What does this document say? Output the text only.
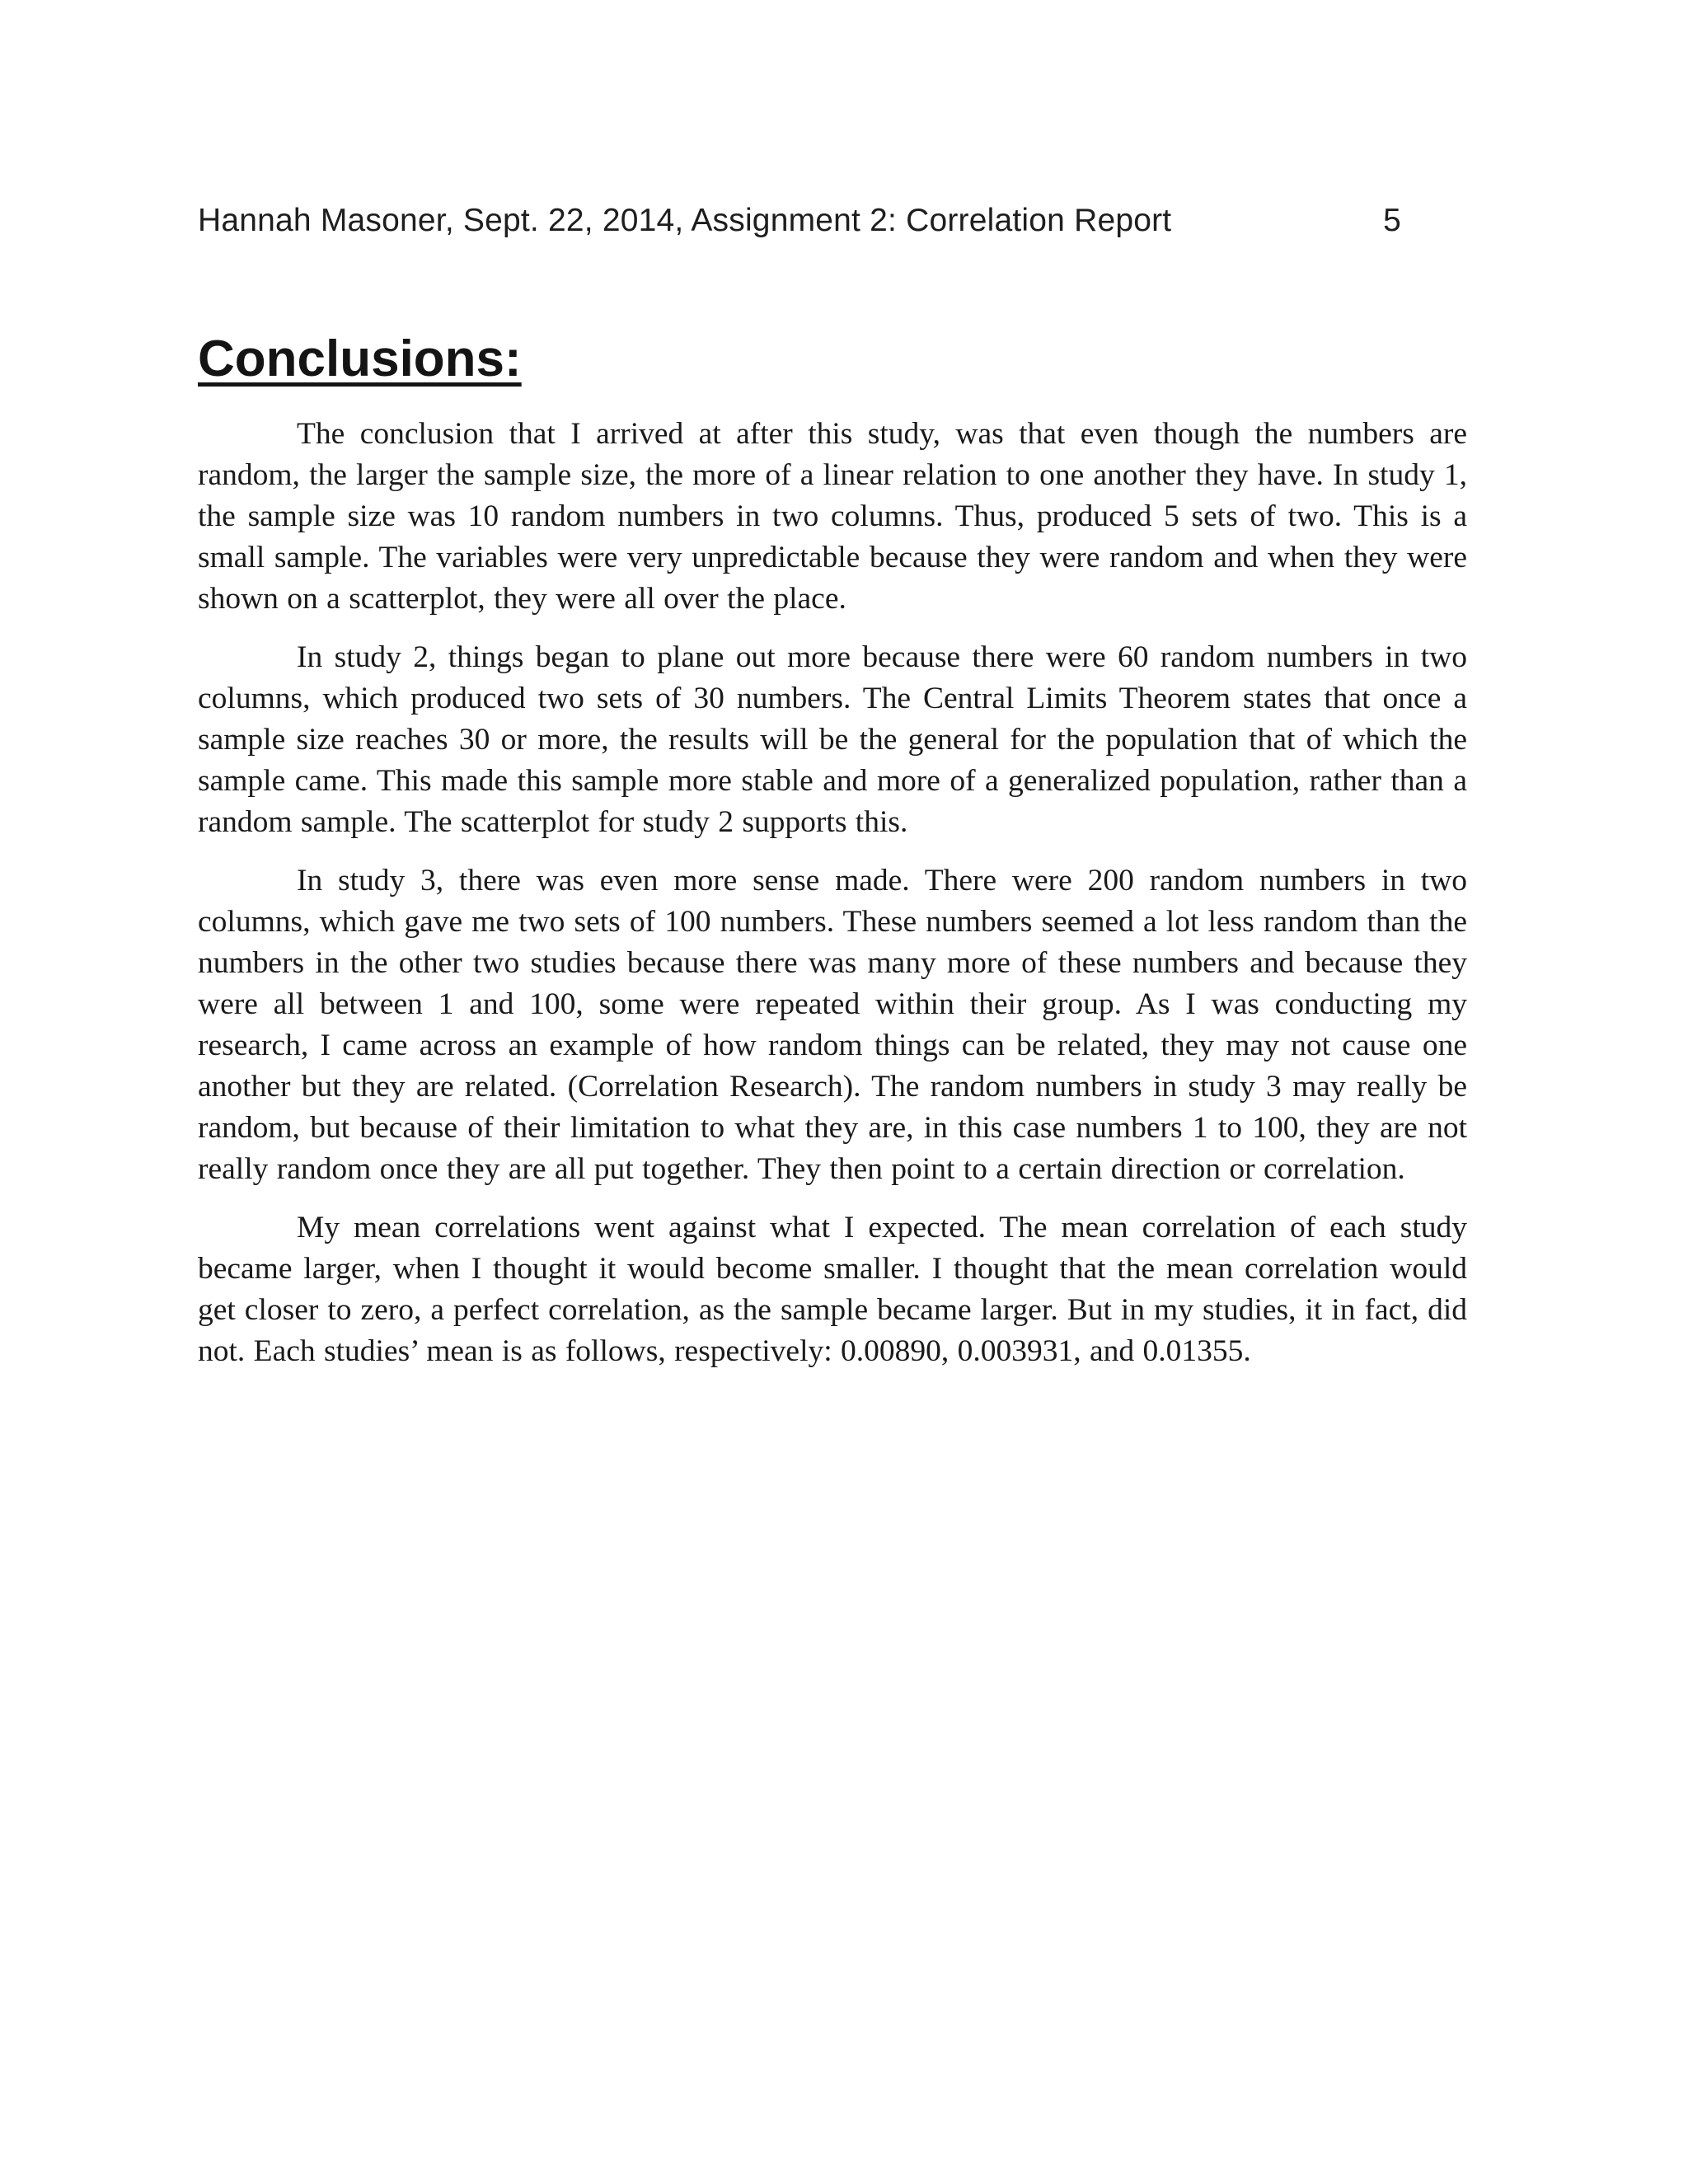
Hannah Masoner, Sept. 22, 2014, Assignment 2: Correlation Report	5
Conclusions:

The conclusion that I arrived at after this study, was that even though the numbers are random, the larger the sample size, the more of a linear relation to one another they have. In study 1, the sample size was 10 random numbers in two columns. Thus, produced 5 sets of two. This is a small sample. The variables were very unpredictable because they were random and when they were shown on a scatterplot, they were all over the place.

In study 2, things began to plane out more because there were 60 random numbers in two columns, which produced two sets of 30 numbers. The Central Limits Theorem states that once a sample size reaches 30 or more, the results will be the general for the population that of which the sample came. This made this sample more stable and more of a generalized population, rather than a random sample. The scatterplot for study 2 supports this.

In study 3, there was even more sense made. There were 200 random numbers in two columns, which gave me two sets of 100 numbers. These numbers seemed a lot less random than the numbers in the other two studies because there was many more of these numbers and because they were all between 1 and 100, some were repeated within their group. As I was conducting my research, I came across an example of how random things can be related, they may not cause one another but they are related. (Correlation Research). The random numbers in study 3 may really be random, but because of their limitation to what they are, in this case numbers 1 to 100, they are not really random once they are all put together. They then point to a certain direction or correlation.

My mean correlations went against what I expected. The mean correlation of each study became larger, when I thought it would become smaller. I thought that the mean correlation would get closer to zero, a perfect correlation, as the sample became larger. But in my studies, it in fact, did not. Each studies’ mean is as follows, respectively: 0.00890, 0.003931, and 0.01355.
